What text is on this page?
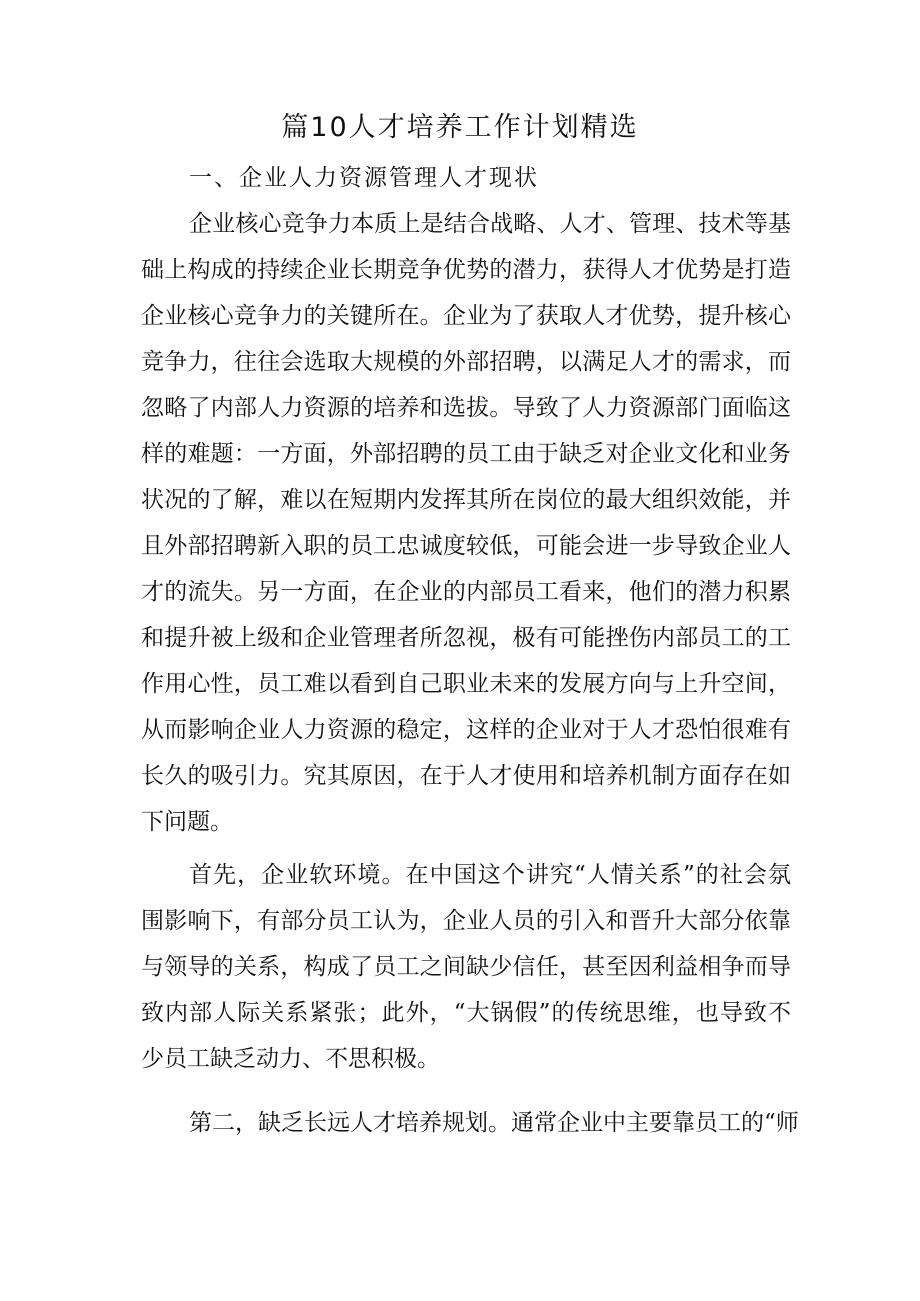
篇10人才培养工作计划精选
一、企业人力资源管理人才现状
企业核心竞争力本质上是结合战略、人才、管理、技术等基
础上构成的持续企业长期竞争优势的潜力，获得人才优势是打造
企业核心竞争力的关键所在。企业为了获取人才优势，提升核心
竞争力，往往会选取大规模的外部招聘，以满足人才的需求，而
忽略了内部人力资源的培养和选拔。导致了人力资源部门面临这
样的难题：一方面，外部招聘的员工由于缺乏对企业文化和业务
状况的了解，难以在短期内发挥其所在岗位的最大组织效能，并
且外部招聘新入职的员工忠诚度较低，可能会进一步导致企业人
才的流失。另一方面，在企业的内部员工看来，他们的潜力积累
和提升被上级和企业管理者所忽视，极有可能挫伤内部员工的工
作用心性，员工难以看到自己职业未来的发展方向与上升空间，
从而影响企业人力资源的稳定，这样的企业对于人才恐怕很难有
长久的吸引力。究其原因，在于人才使用和培养机制方面存在如
下问题。
首先，企业软环境。在中国这个讲究“人情关系”的社会氛
围影响下，有部分员工认为，企业人员的引入和晋升大部分依靠
与领导的关系，构成了员工之间缺少信任，甚至因利益相争而导
致内部人际关系紧张；此外，“大锅假”的传统思维，也导致不
少员工缺乏动力、不思积极。
第二，缺乏长远人才培养规划。通常企业中主要靠员工的“师
